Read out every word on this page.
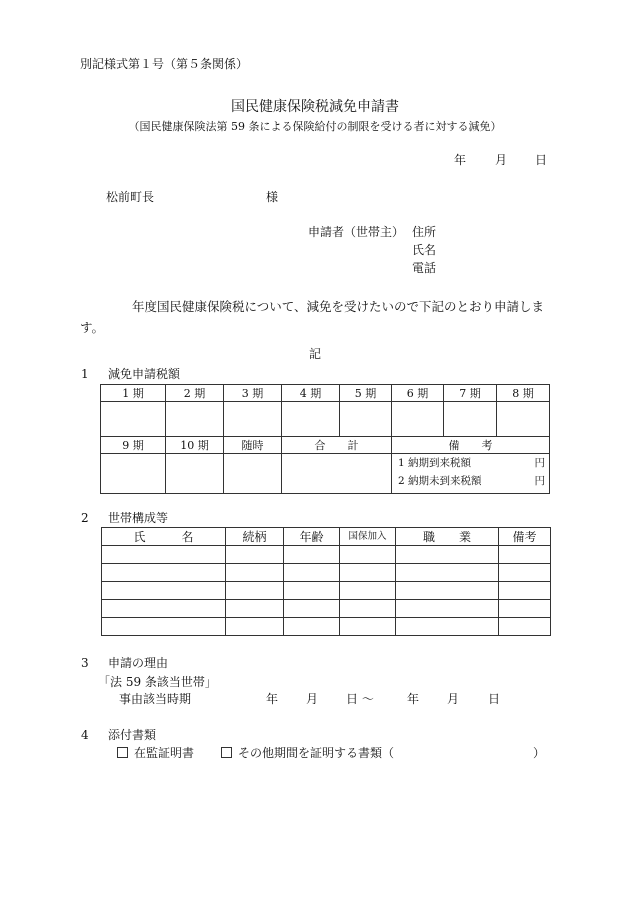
別記様式第１号（第５条関係）
国民健康保険税減免申請書
（国民健康保険法第 59 条による保険給付の制限を受ける者に対する減免）
年 月 日
松前町長	様
申請者（世帯主） 住所
氏名
電話
年度国民健康保険税について、減免を受けたいので下記のとおり申請します。
記
1 減免申請税額
1 期	2 期	3 期	4 期	5 期	6 期	7 期	8 期

9 期	10 期	随時	合　　計		備　　考		

					1 納期到来税額 円
2 納期未到来税額 円		
2 世帯構成等
氏　　　名	続柄	年齢	国保加入	職　　業	備考

3 申請の理由
「法 59 条該当世帯」
事由該当時期	年 月 日 〜	年 月 日
4 添付書類
在監証明書	その他期間を証明する書類（	）
